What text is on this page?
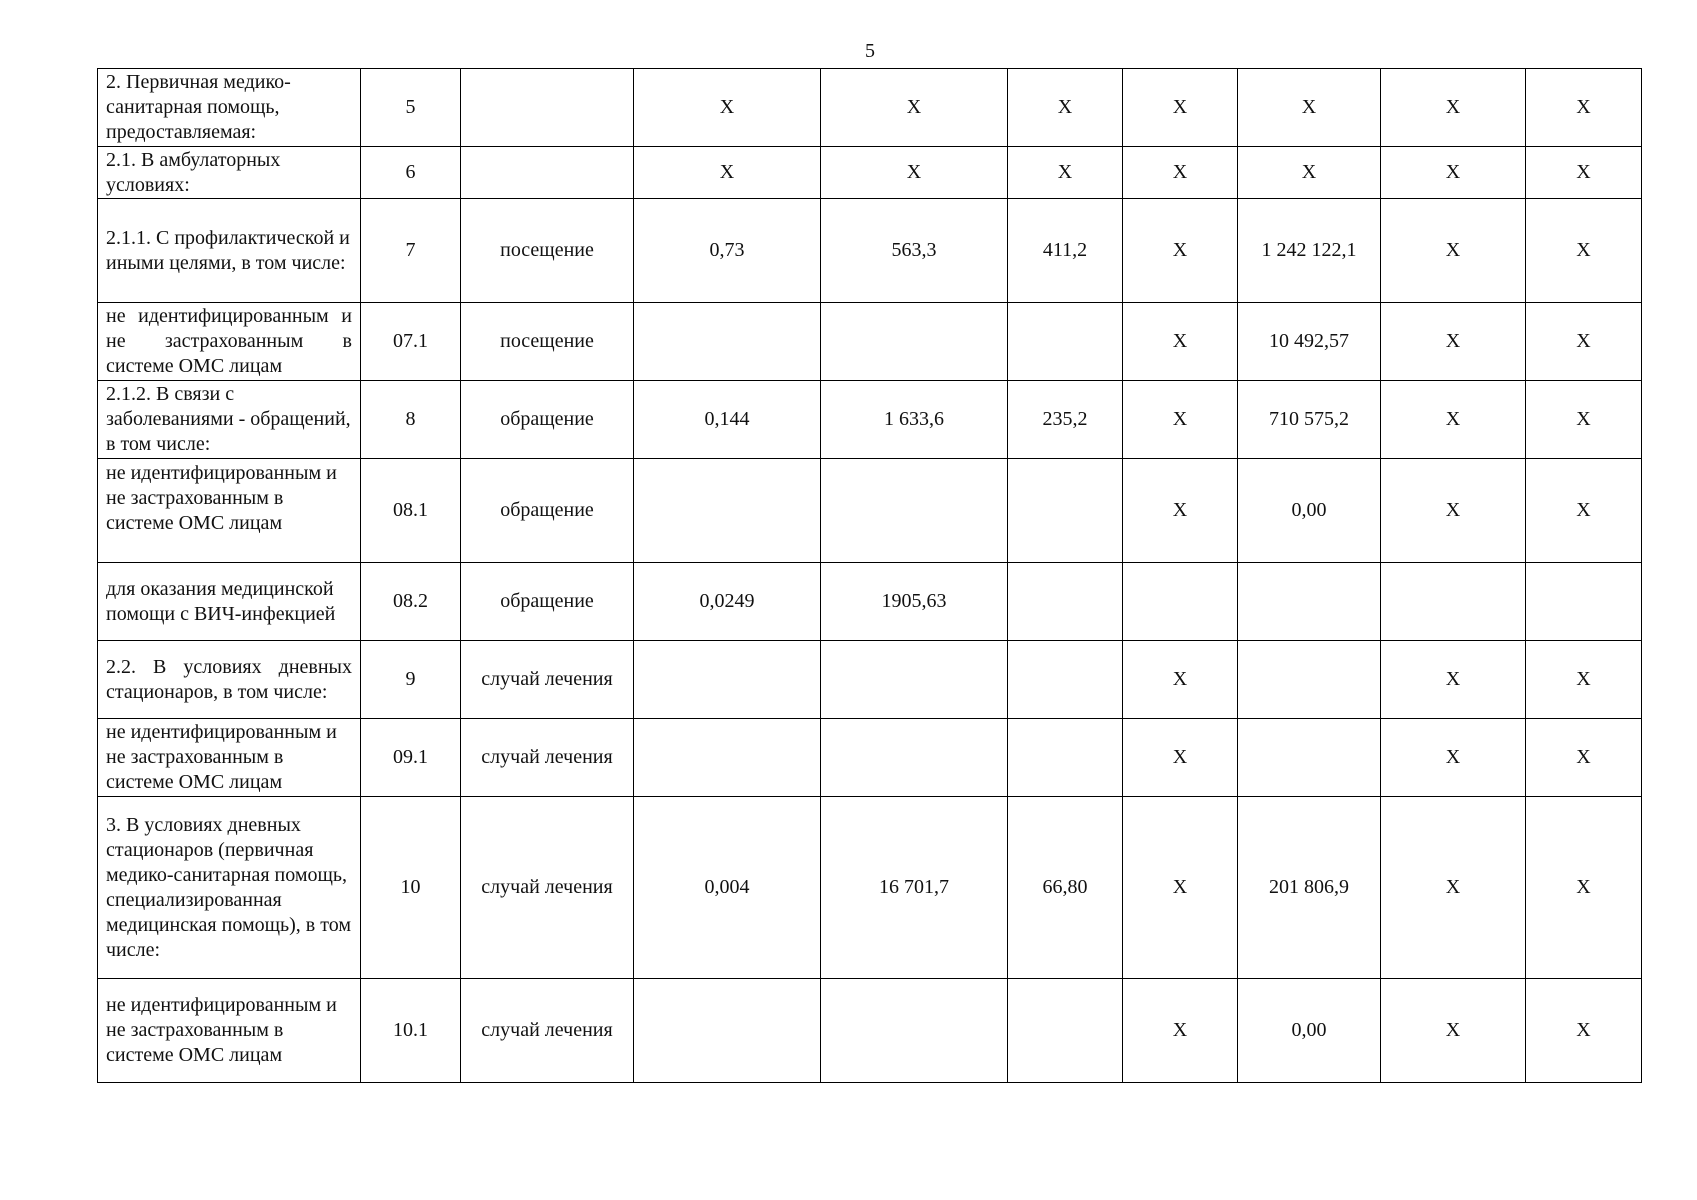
5
2. Первичная медико-санитарная помощь, предоставляемая:	5		X	X	X	X	X	X	X
2.1. В амбулаторных условиях:	6		X	X	X	X	X	X	X
2.1.1. С профилактической и иными целями, в том числе:	7	посещение	0,73	563,3	411,2	X	1 242 122,1	X	X
не идентифицированным и не застрахованным в системе ОМС лицам	07.1	посещение				X	10 492,57	X	X
2.1.2. В связи с заболеваниями - обращений, в том числе:	8	обращение	0,144	1 633,6	235,2	X	710 575,2	X	X
не идентифицированным и не застрахованным в системе ОМС лицам	08.1	обращение				X	0,00	X	X
для оказания медицинской помощи с ВИЧ-инфекцией	08.2	обращение	0,0249	1905,63					
2.2. В условиях дневных стационаров, в том числе:	9	случай лечения				X		X	X
не идентифицированным и не застрахованным в системе ОМС лицам	09.1	случай лечения				X		X	X
3. В условиях дневных стационаров (первичная медико-санитарная помощь, специализированная медицинская помощь), в том числе:	10	случай лечения	0,004	16 701,7	66,80	X	201 806,9	X	X
не идентифицированным и не застрахованным в системе ОМС лицам	10.1	случай лечения				X	0,00	X	X
